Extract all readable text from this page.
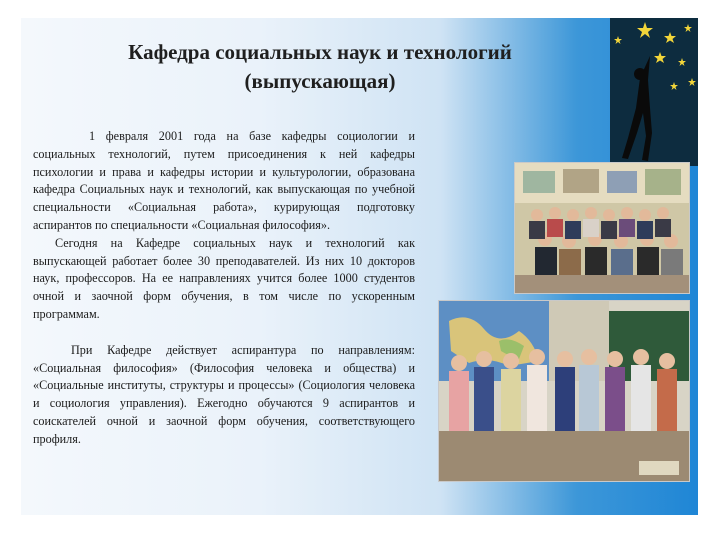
Кафедра социальных наук и технологий
(выпускающая)

1 февраля 2001 года на базе кафедры социологии и социальных технологий, путем присоединения к ней кафедры психологии и права и кафедры истории и культурологии, образована кафедра Социальных наук и технологий, как выпускающая по учебной специальности «Социальная работа», курирующая подготовку аспирантов по специальности «Социальная философия».

Сегодня на Кафедре социальных наук и технологий как выпускающей работает более 30 преподавателей. Из них 10 докторов наук, профессоров. На ее направлениях учится более 1000 студентов очной и заочной форм обучения, в том числе по ускоренным программам.

При Кафедре действует аспирантура по направлениям: «Социальная философия» (Философия человека и общества) и «Социальные институты, структуры и процессы» (Социология человека и социология управления). Ежегодно обучаются 9 аспирантов и соискателей очной и заочной форм обучения, соответствующего профиля.
